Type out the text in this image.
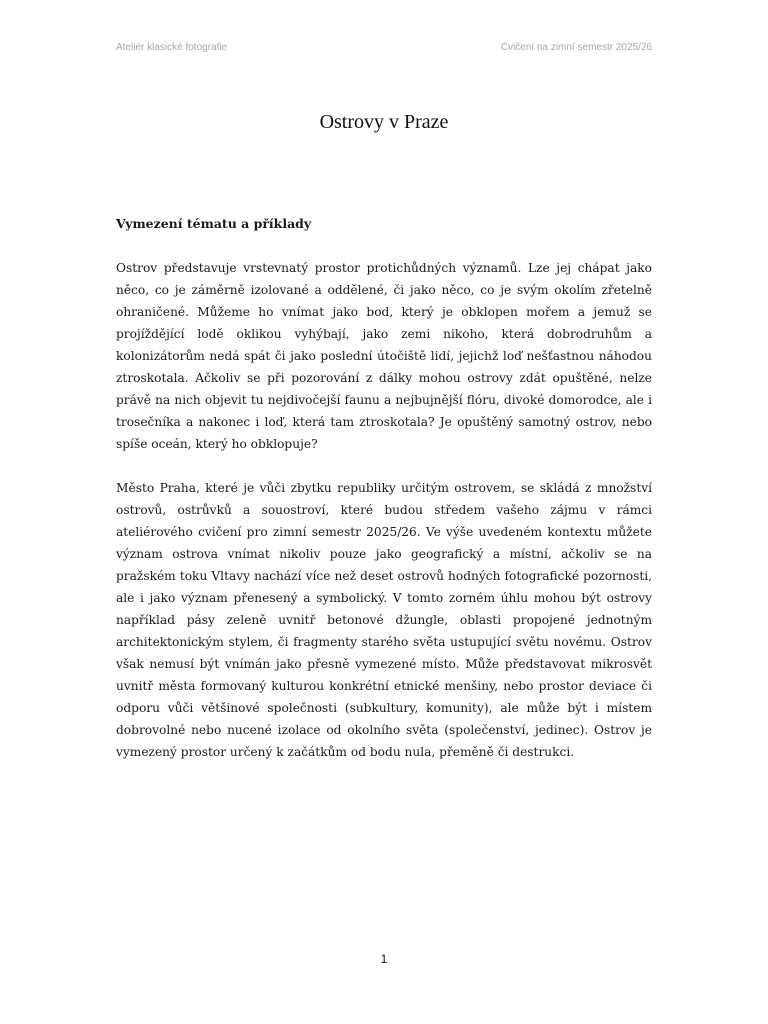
Ateliér klasické fotografie	Cvičení na zimní semestr 2025/26
Ostrovy v Praze

Vymezení tématu a příklady

Ostrov představuje vrstevnatý prostor protichůdných významů. Lze jej chápat jako něco, co je záměrně izolované a oddělené, či jako něco, co je svým okolím zřetelně ohraničené. Můžeme ho vnímat jako bod, který je obklopen mořem a jemuž se projíždějící lodě oklikou vyhýbají, jako zemi nikoho, která dobrodruhům a kolonizátorům nedá spát či jako poslední útočiště lidí, jejichž loď nešťastnou náhodou ztroskotala. Ačkoliv se při pozorování z dálky mohou ostrovy zdát opuštěné, nelze právě na nich objevit tu nejdivočejší faunu a nejbujnější flóru, divoké domorodce, ale i trosečníka a nakonec i loď, která tam ztroskotala? Je opuštěný samotný ostrov, nebo spíše oceán, který ho obklopuje?

Město Praha, které je vůči zbytku republiky určitým ostrovem, se skládá z množství ostrovů, ostrůvků a souostroví, které budou středem vašeho zájmu v rámci ateliérového cvičení pro zimní semestr 2025/26. Ve výše uvedeném kontextu můžete význam ostrova vnímat nikoliv pouze jako geografický a místní, ačkoliv se na pražském toku Vltavy nachází více než deset ostrovů hodných fotografické pozornosti, ale i jako význam přenesený a symbolický. V tomto zorném úhlu mohou být ostrovy například pásy zeleně uvnitř betonové džungle, oblasti propojené jednotným architektonickým stylem, či fragmenty starého světa ustupující světu novému. Ostrov však nemusí být vnímán jako přesně vymezené místo. Může představovat mikrosvět uvnitř města formovaný kulturou konkrétní etnické menšiny, nebo prostor deviace či odporu vůči většinové společnosti (subkultury, komunity), ale může být i místem dobrovolné nebo nucené izolace od okolního světa (společenství, jedinec). Ostrov je vymezený prostor určený k začátkům od bodu nula, přeměně či destrukci.

1
